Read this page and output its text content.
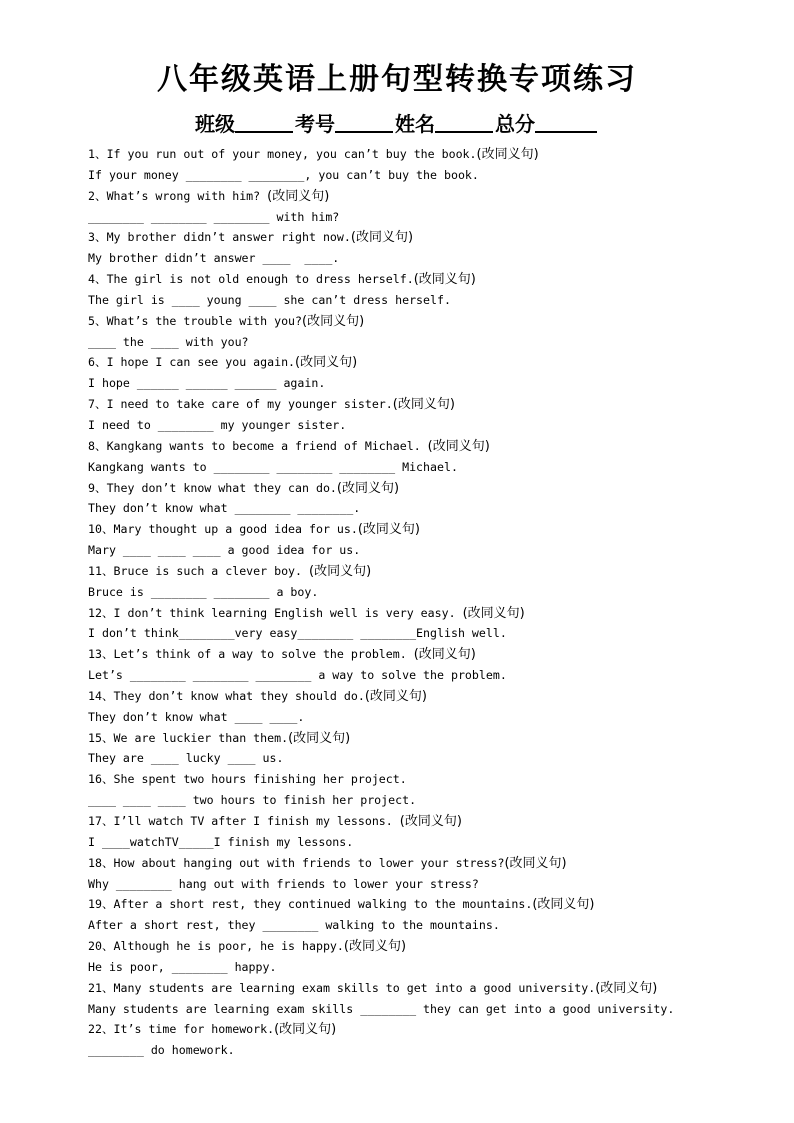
八年级英语上册句型转换专项练习
班级	考号	姓名	总分
1、If you run out of your money, you can’t buy the book.(改同义句)
If your money ________ ________, you can’t buy the book.
2、What’s wrong with him? (改同义句)
________ ________ ________ with him?
3、My brother didn’t answer right now.(改同义句)
My brother didn’t answer ____  ____.
4、The girl is not old enough to dress herself.(改同义句)
The girl is ____ young ____ she can’t dress herself.
5、What’s the trouble with you?(改同义句)
____ the ____ with you?
6、I hope I can see you again.(改同义句)
I hope ______ ______ ______ again.
7、I need to take care of my younger sister.(改同义句)
I need to ________ my younger sister.
8、Kangkang wants to become a friend of Michael. (改同义句)
Kangkang wants to ________ ________ ________ Michael.
9、They don’t know what they can do.(改同义句)
They don’t know what ________ ________.
10、Mary thought up a good idea for us.(改同义句)
Mary ____ ____ ____ a good idea for us.
11、Bruce is such a clever boy. (改同义句)
Bruce is ________ ________ a boy.
12、I don’t think learning English well is very easy. (改同义句)
I don’t think________very easy________ ________English well.
13、Let’s think of a way to solve the problem. (改同义句)
Let’s ________ ________ ________ a way to solve the problem.
14、They don’t know what they should do.(改同义句)
They don’t know what ____ ____.
15、We are luckier than them.(改同义句)
They are ____ lucky ____ us.
16、She spent two hours finishing her project.
____ ____ ____ two hours to finish her project.
17、I’ll watch TV after I finish my lessons. (改同义句)
I ____watchTV_____I finish my lessons.
18、How about hanging out with friends to lower your stress?(改同义句)
Why ________ hang out with friends to lower your stress?
19、After a short rest, they continued walking to the mountains.(改同义句)
After a short rest, they ________ walking to the mountains.
20、Although he is poor, he is happy.(改同义句)
He is poor, ________ happy.
21、Many students are learning exam skills to get into a good university.(改同义句)
Many students are learning exam skills ________ they can get into a good university.
22、It’s time for homework.(改同义句)
________ do homework.
